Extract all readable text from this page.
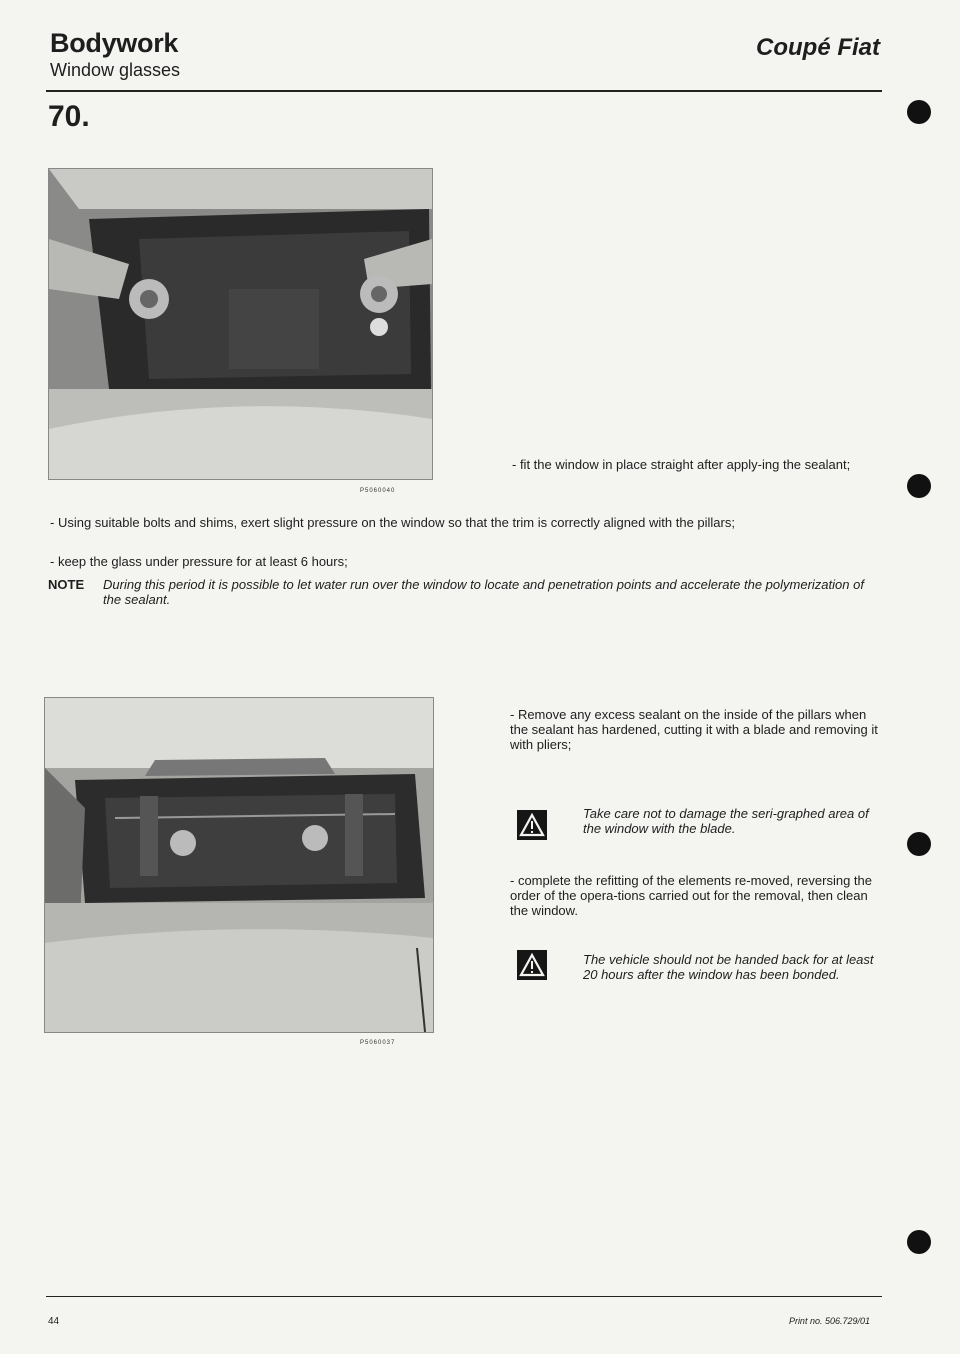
Bodywork
Window glasses
Coupé Fiat
70.
P5060040
- fit the window in place straight after apply-ing the sealant;
- Using suitable bolts and shims, exert slight pressure on the window so that the trim is correctly aligned with the pillars;
- keep the glass under pressure for at least 6 hours;
NOTE During this period it is possible to let water run over the window to locate and penetration points and accelerate the polymerization of the sealant.
P5060037
- Remove any excess sealant on the inside of the pillars when the sealant has hardened, cutting it with a blade and removing it with pliers;
Take care not to damage the seri-graphed area of the window with the blade.
- complete the refitting of the elements re-moved, reversing the order of the opera-tions carried out for the removal, then clean the window.
The vehicle should not be handed back for at least 20 hours after the window has been bonded.
44	Print no. 506.729/01
